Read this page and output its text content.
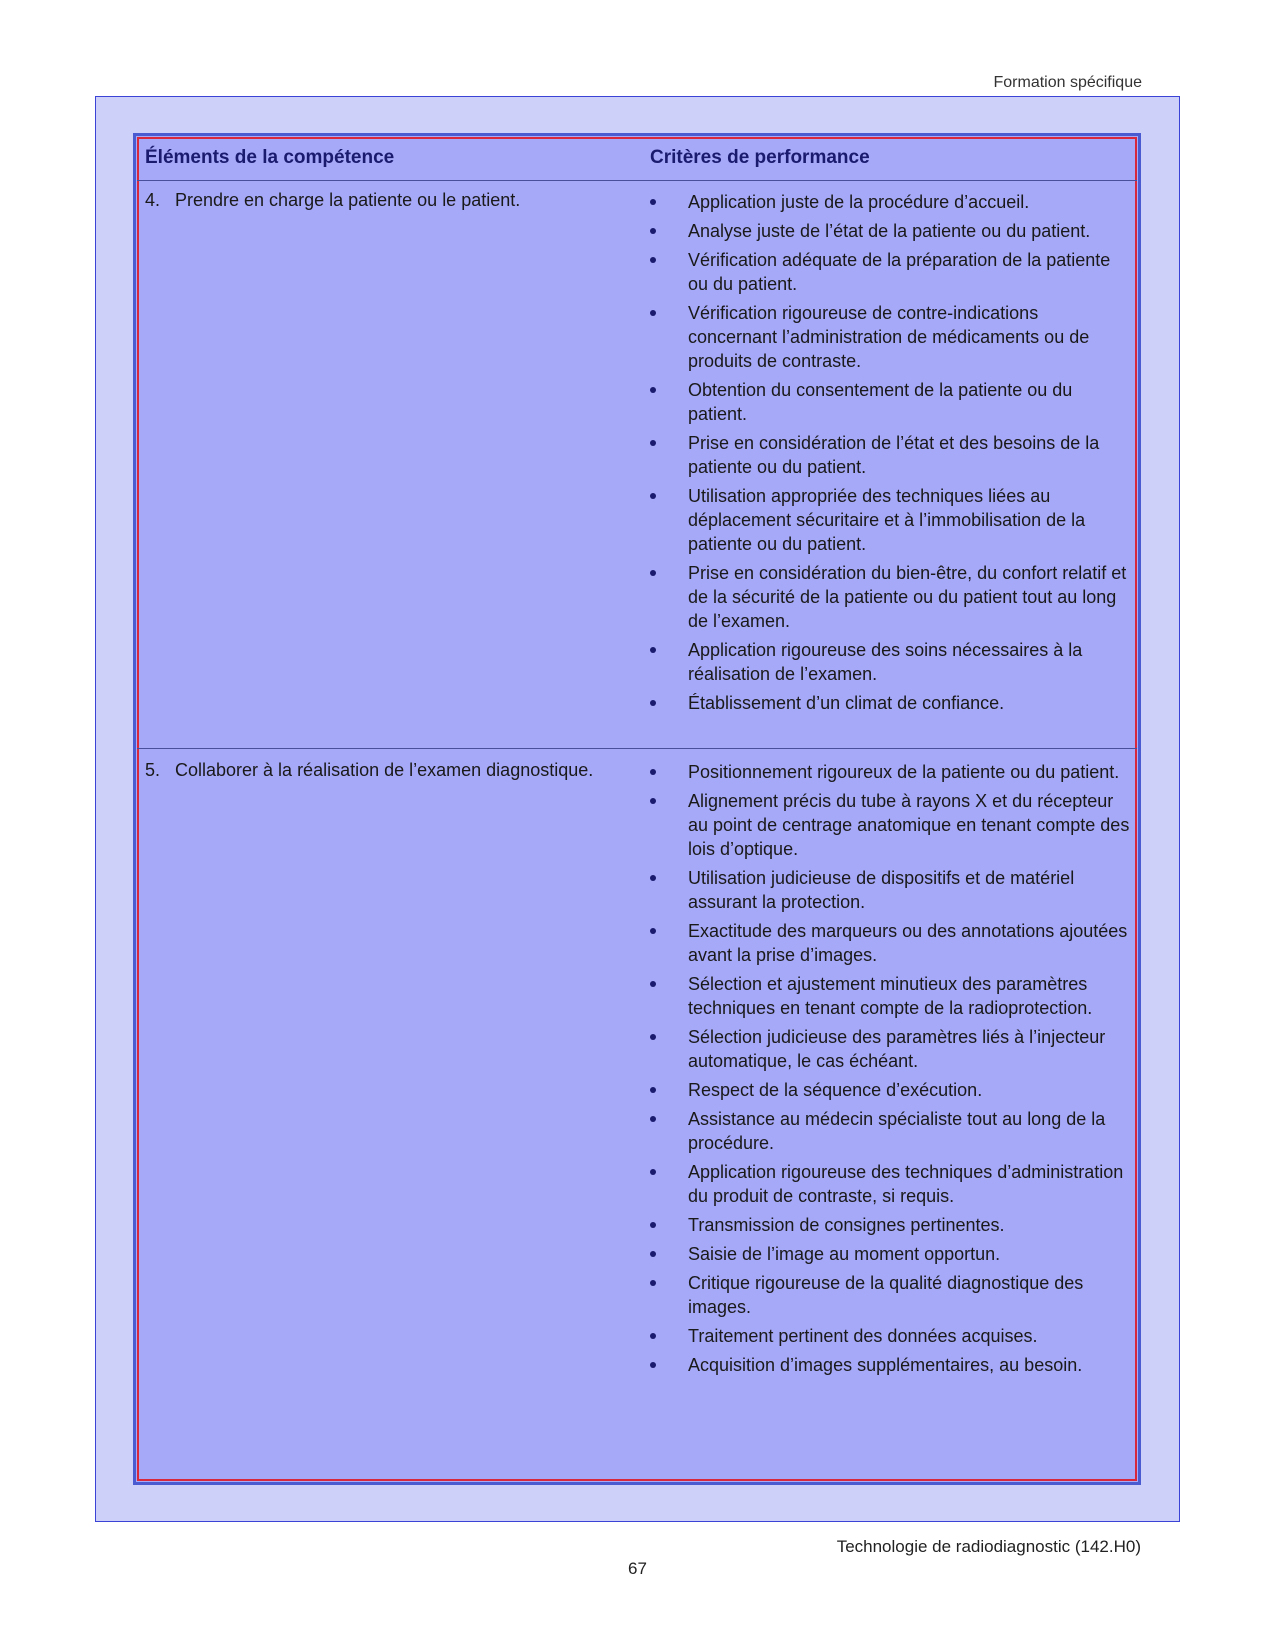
Formation spécifique
Éléments de la compétence	Critères de performance
4. Prendre en charge la patiente ou le patient.	Application juste de la procédure d’accueil.
Analyse juste de l’état de la patiente ou du patient.
Vérification adéquate de la préparation de la patiente ou du patient.
Vérification rigoureuse de contre-indications concernant l’administration de médicaments ou de produits de contraste.
Obtention du consentement de la patiente ou du patient.
Prise en considération de l’état et des besoins de la patiente ou du patient.
Utilisation appropriée des techniques liées au déplacement sécuritaire et à l’immobilisation de la patiente ou du patient.
Prise en considération du bien-être, du confort relatif et de la sécurité de la patiente ou du patient tout au long de l’examen.
Application rigoureuse des soins nécessaires à la réalisation de l’examen.
Établissement d’un climat de confiance.
5. Collaborer à la réalisation de l’examen diagnostique.	Positionnement rigoureux de la patiente ou du patient.
Alignement précis du tube à rayons X et du récepteur au point de centrage anatomique en tenant compte des lois d’optique.
Utilisation judicieuse de dispositifs et de matériel assurant la protection.
Exactitude des marqueurs ou des annotations ajoutées avant la prise d’images.
Sélection et ajustement minutieux des paramètres techniques en tenant compte de la radioprotection.
Sélection judicieuse des paramètres liés à l’injecteur automatique, le cas échéant.
Respect de la séquence d’exécution.
Assistance au médecin spécialiste tout au long de la procédure.
Application rigoureuse des techniques d’administration du produit de contraste, si requis.
Transmission de consignes pertinentes.
Saisie de l’image au moment opportun.
Critique rigoureuse de la qualité diagnostique des images.
Traitement pertinent des données acquises.
Acquisition d’images supplémentaires, au besoin.
Technologie de radiodiagnostic (142.H0)
67
